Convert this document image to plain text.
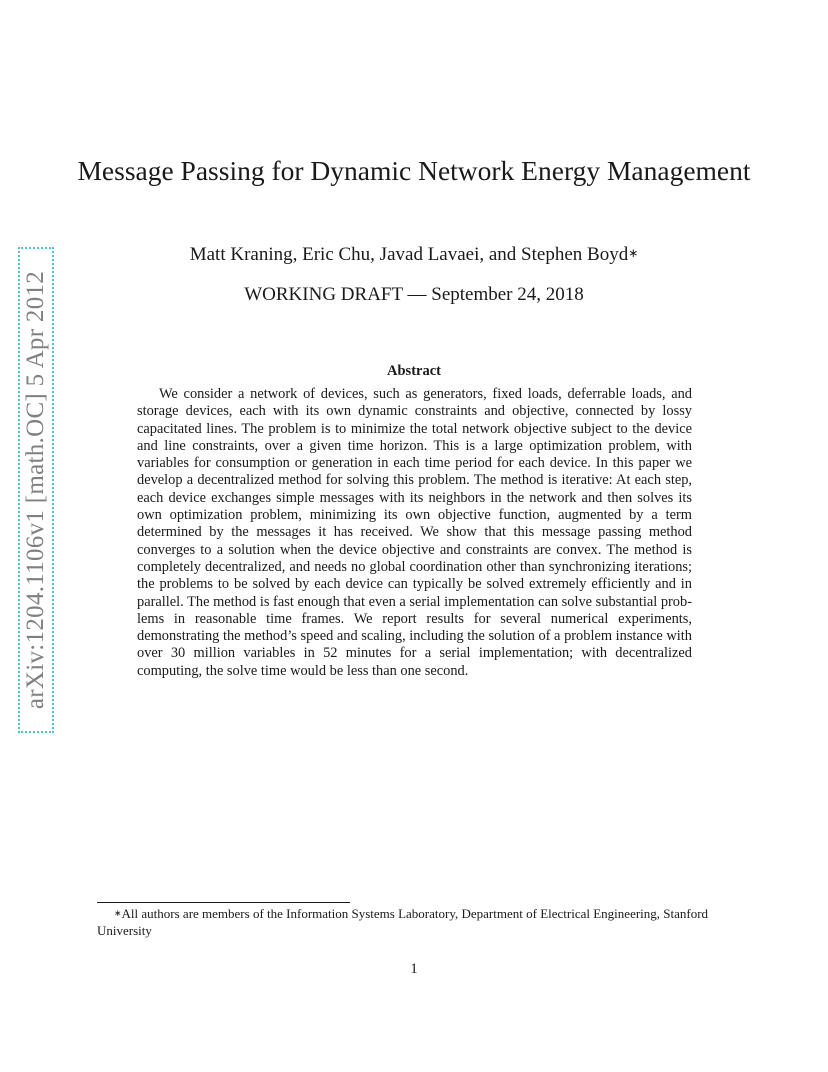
arXiv:1204.1106v1 [math.OC] 5 Apr 2012
Message Passing for Dynamic Network Energy Management
Matt Kraning, Eric Chu, Javad Lavaei, and Stephen Boyd∗
WORKING DRAFT — September 24, 2018
Abstract
We consider a network of devices, such as generators, fixed loads, deferrable loads, and storage devices, each with its own dynamic constraints and objective, connected by lossy capacitated lines. The problem is to minimize the total network objective subject to the device and line constraints, over a given time horizon. This is a large optimization problem, with variables for consumption or generation in each time period for each device. In this paper we develop a decentralized method for solving this problem. The method is iterative: At each step, each device exchanges simple messages with its neighbors in the network and then solves its own optimization problem, minimizing its own objective function, augmented by a term determined by the messages it has received. We show that this message passing method converges to a solution when the device objective and constraints are convex. The method is completely decentralized, and needs no global coordination other than synchronizing iterations; the problems to be solved by each device can typically be solved extremely efficiently and in parallel. The method is fast enough that even a serial implementation can solve substantial problems in reasonable time frames. We report results for several numerical experiments, demonstrating the method’s speed and scaling, including the solution of a problem instance with over 30 million variables in 52 minutes for a serial implementation; with decentralized computing, the solve time would be less than one second.
∗All authors are members of the Information Systems Laboratory, Department of Electrical Engineering, Stanford University
1
